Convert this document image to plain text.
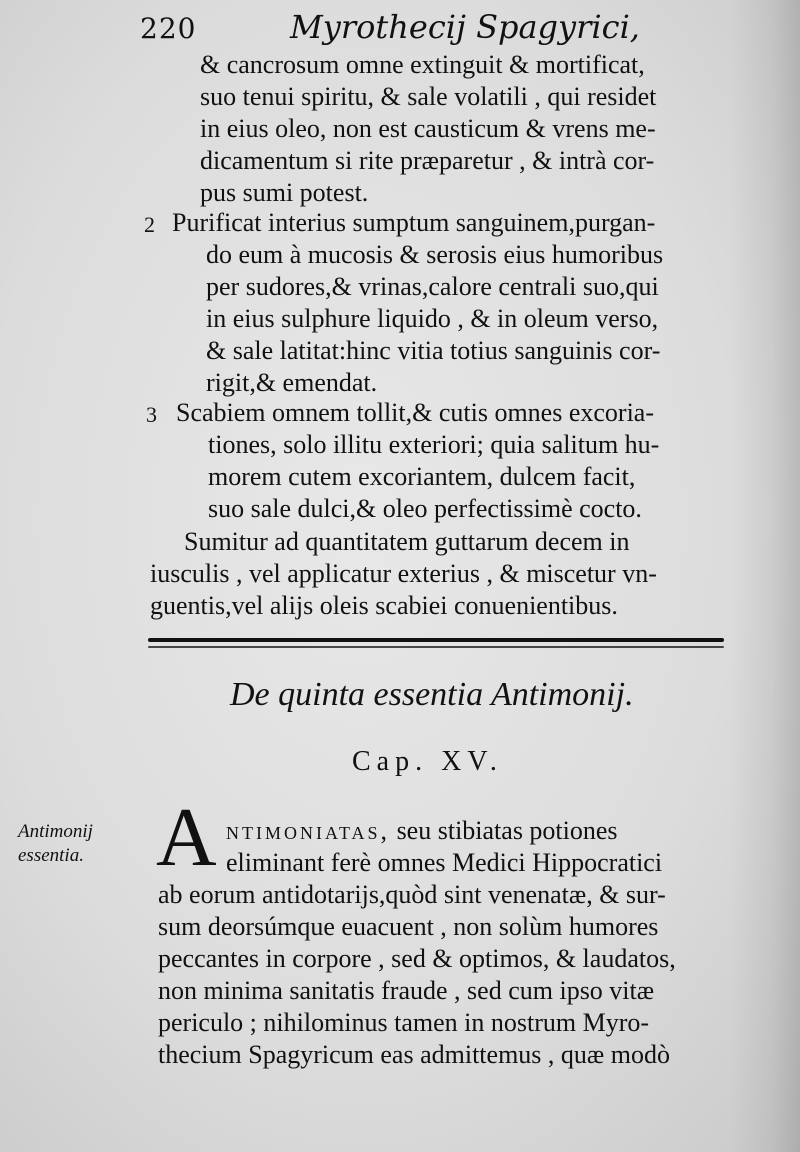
220	Myrothecij Spagyrici,
& cancrosum omne extinguit & mortificat,
suo tenui spiritu, & sale volatili , qui residet
in eius oleo, non est causticum & vrens me-
dicamentum si rite præparetur , & intrà cor-
pus sumi potest.
2 Purificat interius sumptum sanguinem,purgan-
do eum à mucosis & serosis eius humoribus
per sudores,& vrinas,calore centrali suo,qui
in eius sulphure liquido , & in oleum verso,
& sale latitat:hinc vitia totius sanguinis cor-
rigit,& emendat.
3 Scabiem omnem tollit,& cutis omnes excoria-
tiones, solo illitu exteriori; quia salitum hu-
morem cutem excoriantem, dulcem facit,
suo sale dulci,& oleo perfectissimè cocto.
Sumitur ad quantitatem guttarum decem in
iusculis , vel applicatur exterius , & miscetur vn-
guentis,vel alijs oleis scabiei conuenientibus.
De quinta essentia Antimonij.
Cap. XV.
Antimonij
essentia. A ntimoniatas, seu stibiatas potiones
eliminant ferè omnes Medici Hippocratici
ab eorum antidotarijs,quòd sint venenatæ, & sur-
sum deorsúmque euacuent , non solùm humores
peccantes in corpore , sed & optimos, & laudatos,
non minima sanitatis fraude , sed cum ipso vitæ
periculo ; nihilominus tamen in nostrum Myro-
thecium Spagyricum eas admittemus , quæ modò
